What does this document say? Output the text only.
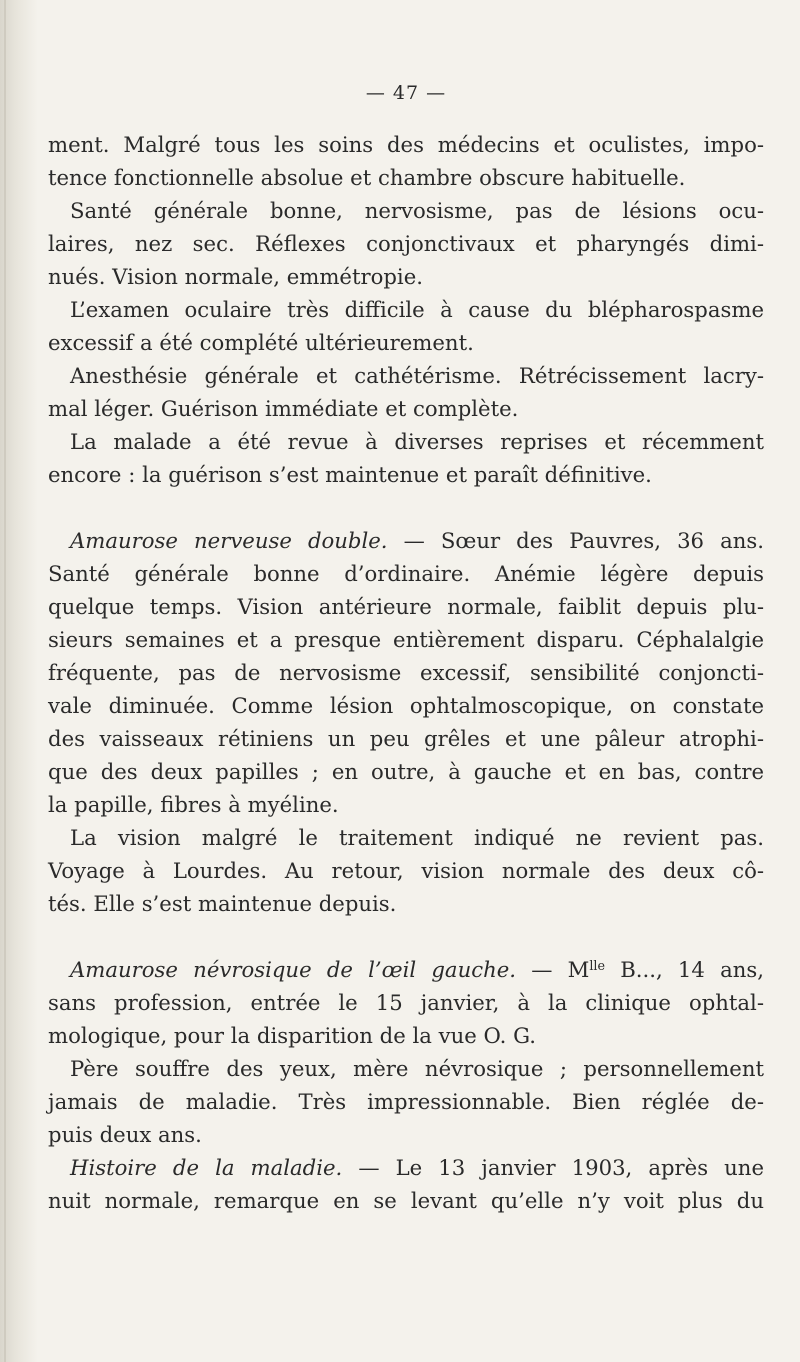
— 47 —

ment. Malgré tous les soins des médecins et oculistes, impo-
tence fonctionnelle absolue et chambre obscure habituelle.

Santé générale bonne, nervosisme, pas de lésions ocu-
laires, nez sec. Réflexes conjonctivaux et pharyngés dimi-
nués. Vision normale, emmétropie.

L’examen oculaire très difficile à cause du blépharospasme
excessif a été complété ultérieurement.

Anesthésie générale et cathétérisme. Rétrécissement lacry-
mal léger. Guérison immédiate et complète.

La malade a été revue à diverses reprises et récemment
encore : la guérison s’est maintenue et paraît définitive.

Amaurose nerveuse double. — Sœur des Pauvres, 36 ans.
Santé générale bonne d’ordinaire. Anémie légère depuis
quelque temps. Vision antérieure normale, faiblit depuis plu-
sieurs semaines et a presque entièrement disparu. Céphalalgie
fréquente, pas de nervosisme excessif, sensibilité conjoncti-
vale diminuée. Comme lésion ophtalmoscopique, on constate
des vaisseaux rétiniens un peu grêles et une pâleur atrophi-
que des deux papilles ; en outre, à gauche et en bas, contre
la papille, fibres à myéline.

La vision malgré le traitement indiqué ne revient pas.
Voyage à Lourdes. Au retour, vision normale des deux cô-
tés. Elle s’est maintenue depuis.

Amaurose névrosique de l’œil gauche. — $M^{lle}$ B..., 14 ans,
sans profession, entrée le 15 janvier, à la clinique ophtal-
mologique, pour la disparition de la vue O. G.

Père souffre des yeux, mère névrosique ; personnellement
jamais de maladie. Très impressionnable. Bien réglée de-
puis deux ans.

Histoire de la maladie. — Le 13 janvier 1903, après une
nuit normale, remarque en se levant qu’elle n’y voit plus du
